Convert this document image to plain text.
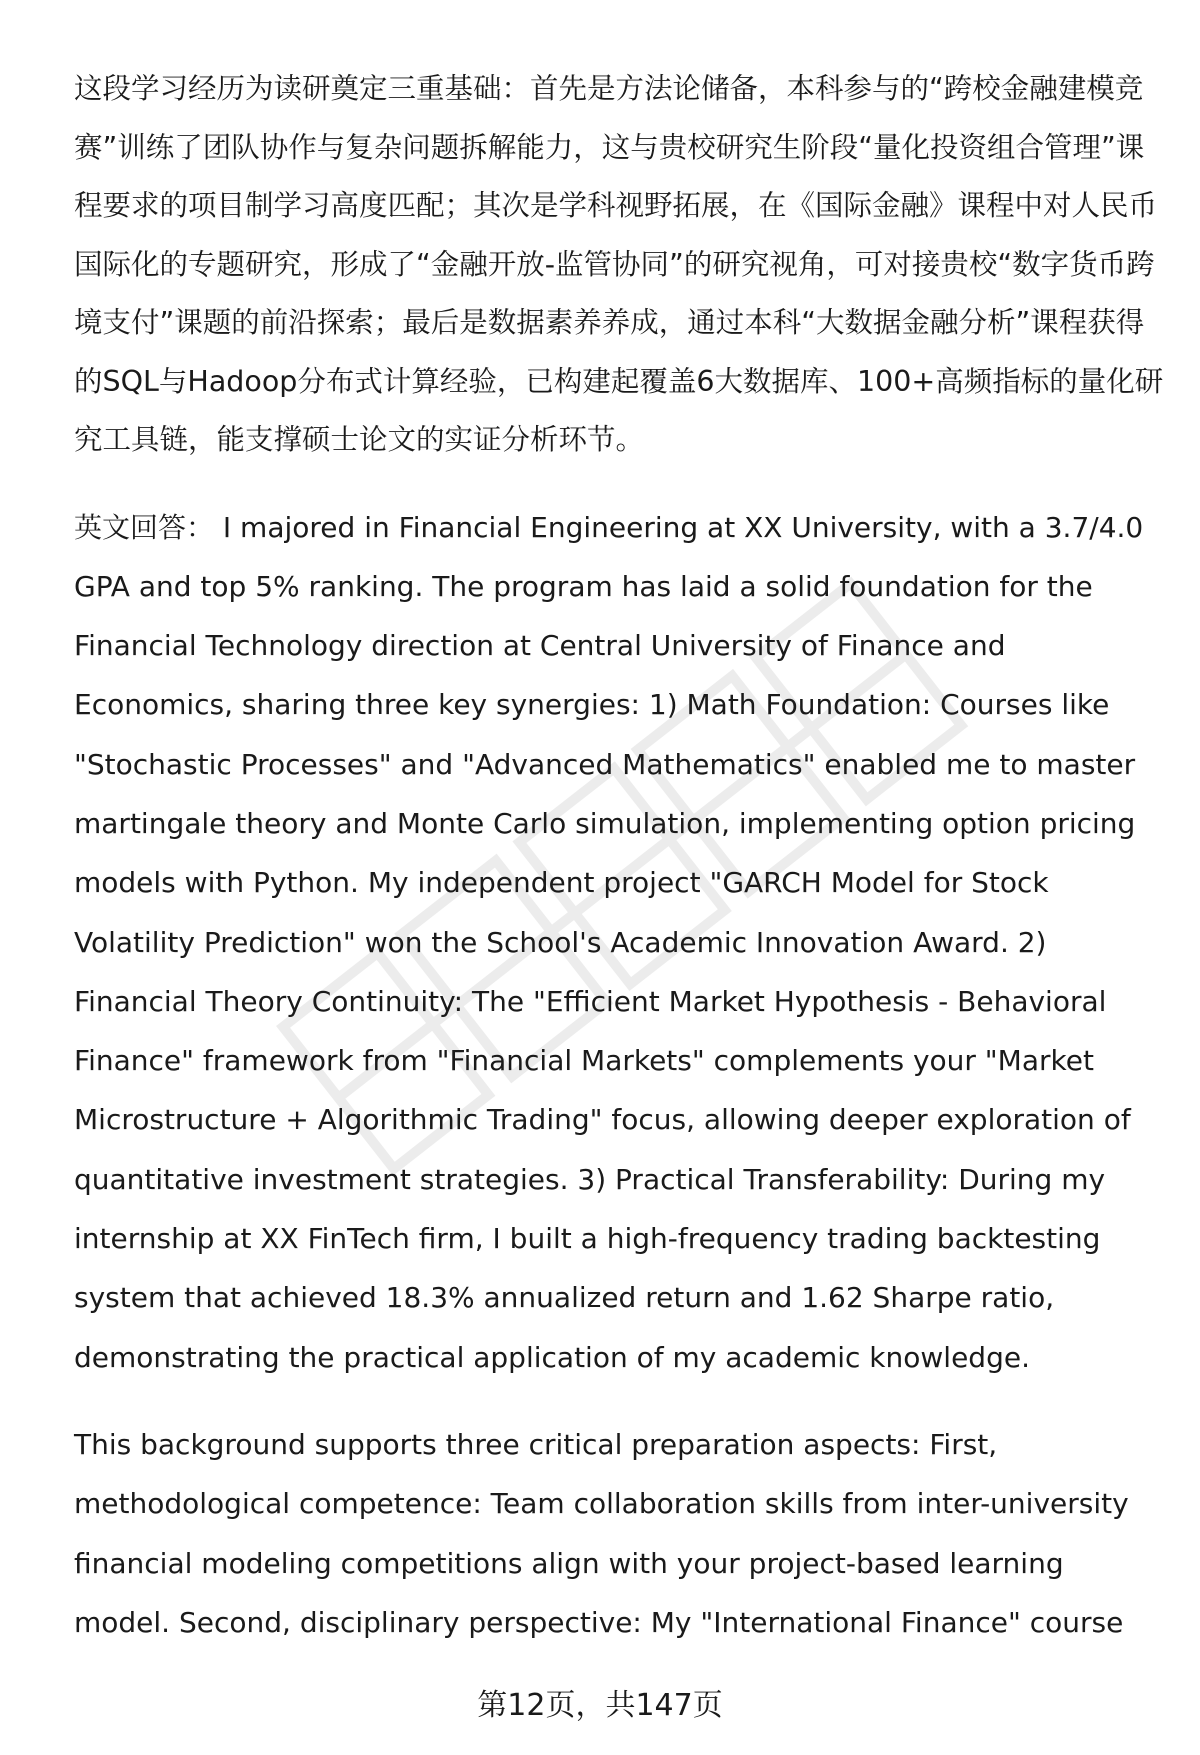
这段学习经历为读研奠定三重基础：首先是方法论储备，本科参与的“跨校金融建模竞赛”训练了团队协作与复杂问题拆解能力，这与贵校研究生阶段“量化投资组合管理”课程要求的项目制学习高度匹配；其次是学科视野拓展，在《国际金融》课程中对人民币国际化的专题研究，形成了“金融开放-监管协同”的研究视角，可对接贵校“数字货币跨境支付”课题的前沿探索；最后是数据素养养成，通过本科“大数据金融分析”课程获得的SQL与Hadoop分布式计算经验，已构建起覆盖6大数据库、100+高频指标的量化研究工具链，能支撑硕士论文的实证分析环节。

英文回答： I majored in Financial Engineering at XX University, with a 3.7/4.0 GPA and top 5% ranking. The program has laid a solid foundation for the Financial Technology direction at Central University of Finance and Economics, sharing three key synergies: 1) Math Foundation: Courses like "Stochastic Processes" and "Advanced Mathematics" enabled me to master martingale theory and Monte Carlo simulation, implementing option pricing models with Python. My independent project "GARCH Model for Stock Volatility Prediction" won the School's Academic Innovation Award. 2) Financial Theory Continuity: The "Efficient Market Hypothesis - Behavioral Finance" framework from "Financial Markets" complements your "Market Microstructure + Algorithmic Trading" focus, allowing deeper exploration of quantitative investment strategies. 3) Practical Transferability: During my internship at XX FinTech firm, I built a high-frequency trading backtesting system that achieved 18.3% annualized return and 1.62 Sharpe ratio, demonstrating the practical application of my academic knowledge.

This background supports three critical preparation aspects: First, methodological competence: Team collaboration skills from inter-university financial modeling competitions align with your project-based learning model. Second, disciplinary perspective: My "International Finance" course

第12页，共147页
